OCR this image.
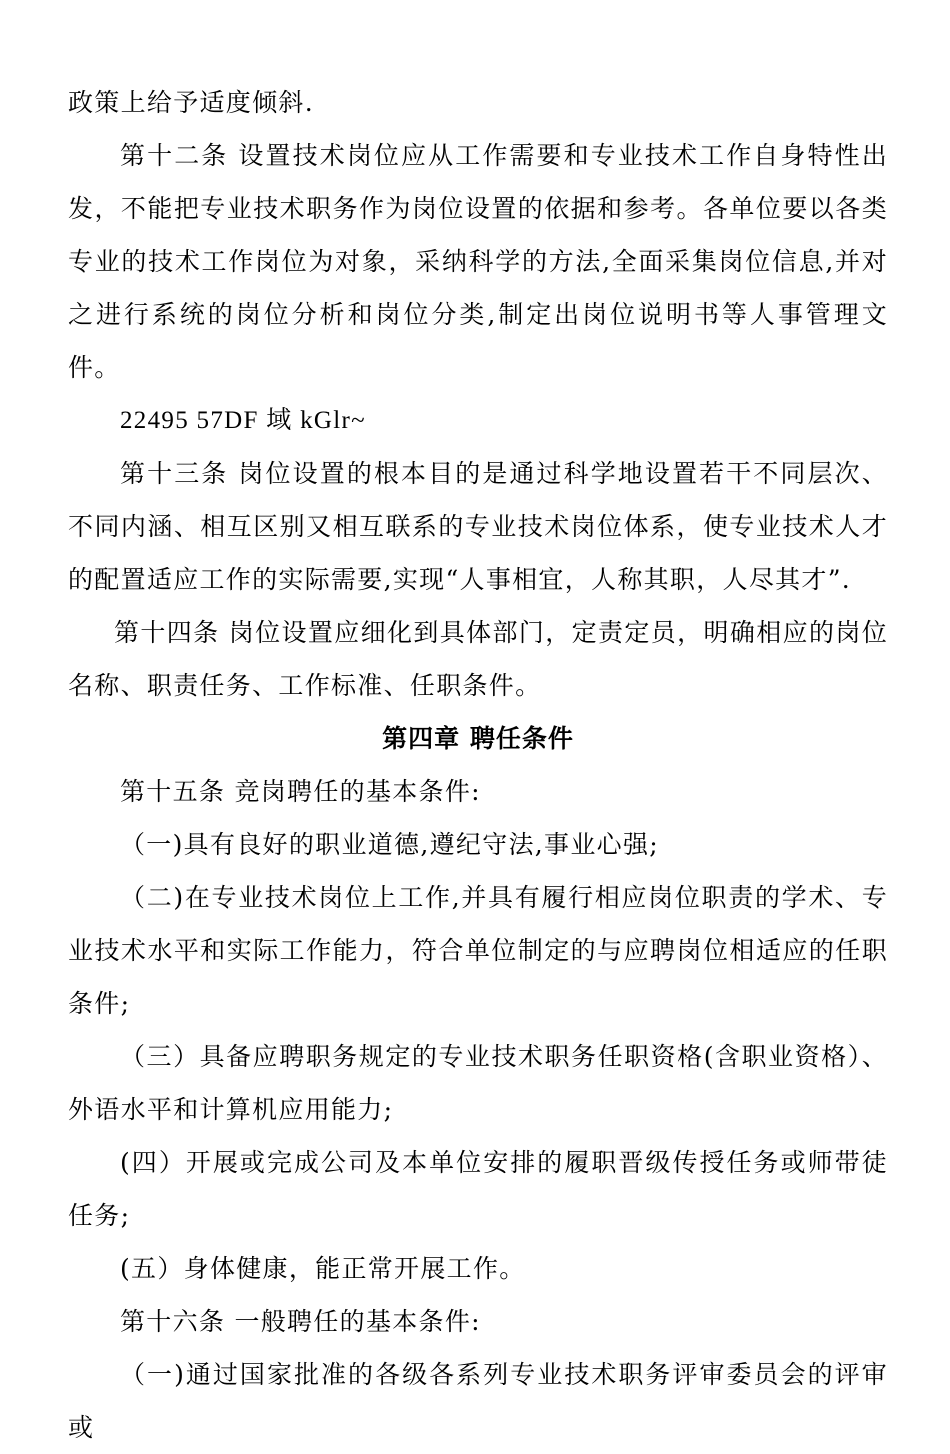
政策上给予适度倾斜.

第十二条 设置技术岗位应从工作需要和专业技术工作自身特性出发，不能把专业技术职务作为岗位设置的依据和参考。各单位要以各类专业的技术工作岗位为对象，采纳科学的方法,全面采集岗位信息,并对之进行系统的岗位分析和岗位分类,制定出岗位说明书等人事管理文件。

22495 57DF 域 kGlr~

第十三条 岗位设置的根本目的是通过科学地设置若干不同层次、不同内涵、相互区别又相互联系的专业技术岗位体系，使专业技术人才的配置适应工作的实际需要,实现“人事相宜，人称其职，人尽其才”.

第十四条 岗位设置应细化到具体部门，定责定员，明确相应的岗位名称、职责任务、工作标准、任职条件。

第四章 聘任条件

第十五条 竞岗聘任的基本条件:

（一)具有良好的职业道德,遵纪守法,事业心强;

（二)在专业技术岗位上工作,并具有履行相应岗位职责的学术、专业技术水平和实际工作能力，符合单位制定的与应聘岗位相适应的任职条件;

（三）具备应聘职务规定的专业技术职务任职资格(含职业资格）、外语水平和计算机应用能力;

(四）开展或完成公司及本单位安排的履职晋级传授任务或师带徒任务;

(五）身体健康，能正常开展工作。

第十六条 一般聘任的基本条件:

（一)通过国家批准的各级各系列专业技术职务评审委员会的评审或
